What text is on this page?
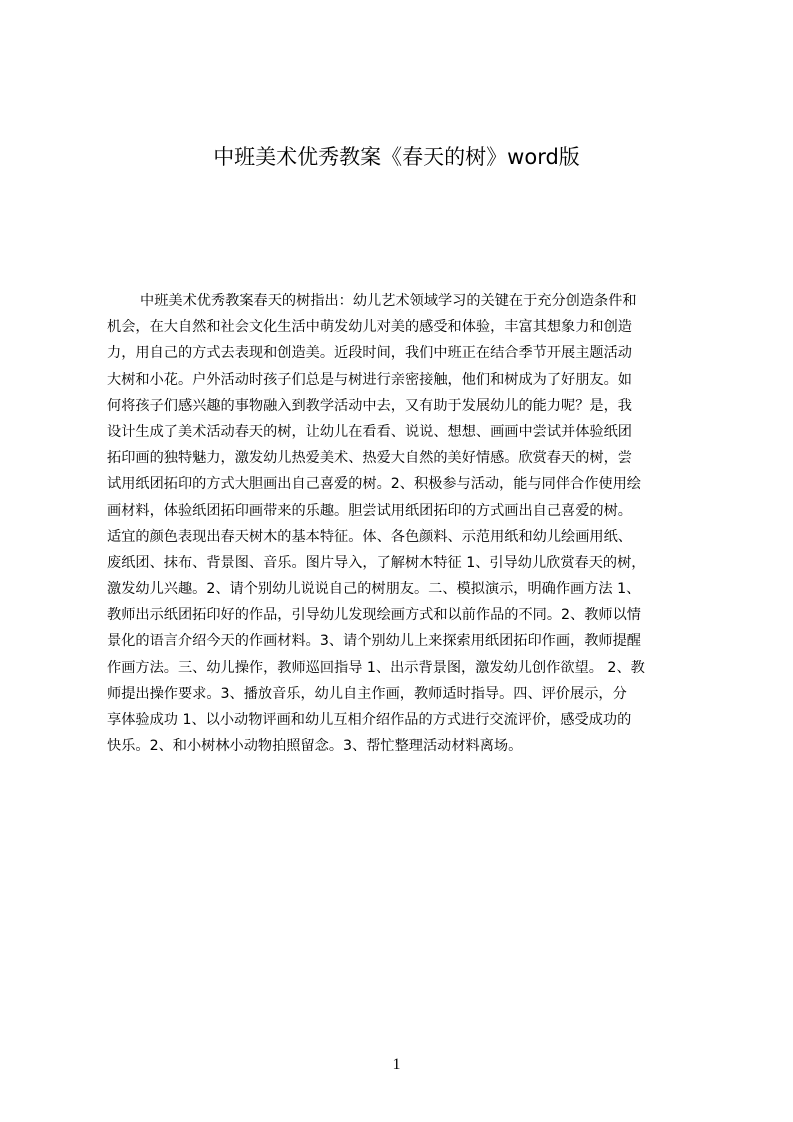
中班美术优秀教案《春天的树》word版
中班美术优秀教案春天的树指出：幼儿艺术领域学习的关键在于充分创造条件和
机会，在大自然和社会文化生活中萌发幼儿对美的感受和体验，丰富其想象力和创造
力，用自己的方式去表现和创造美。近段时间，我们中班正在结合季节开展主题活动
大树和小花。户外活动时孩子们总是与树进行亲密接触，他们和树成为了好朋友。如
何将孩子们感兴趣的事物融入到教学活动中去，又有助于发展幼儿的能力呢？是，我
设计生成了美术活动春天的树，让幼儿在看看、说说、想想、画画中尝试并体验纸团
拓印画的独特魅力，激发幼儿热爱美术、热爱大自然的美好情感。欣赏春天的树，尝
试用纸团拓印的方式大胆画出自己喜爱的树。2、积极参与活动，能与同伴合作使用绘
画材料，体验纸团拓印画带来的乐趣。胆尝试用纸团拓印的方式画出自己喜爱的树。
适宜的颜色表现出春天树木的基本特征。体、各色颜料、示范用纸和幼儿绘画用纸、
废纸团、抹布、背景图、音乐。图片导入，了解树木特征 1、引导幼儿欣赏春天的树，
激发幼儿兴趣。2、请个别幼儿说说自己的树朋友。二、模拟演示，明确作画方法 1、
教师出示纸团拓印好的作品，引导幼儿发现绘画方式和以前作品的不同。2、教师以情
景化的语言介绍今天的作画材料。3、请个别幼儿上来探索用纸团拓印作画，教师提醒
作画方法。三、幼儿操作，教师巡回指导 1、出示背景图，激发幼儿创作欲望。 2、教
师提出操作要求。3、播放音乐，幼儿自主作画，教师适时指导。四、评价展示，分
享体验成功 1、以小动物评画和幼儿互相介绍作品的方式进行交流评价，感受成功的
快乐。2、和小树林小动物拍照留念。3、帮忙整理活动材料离场。
1
